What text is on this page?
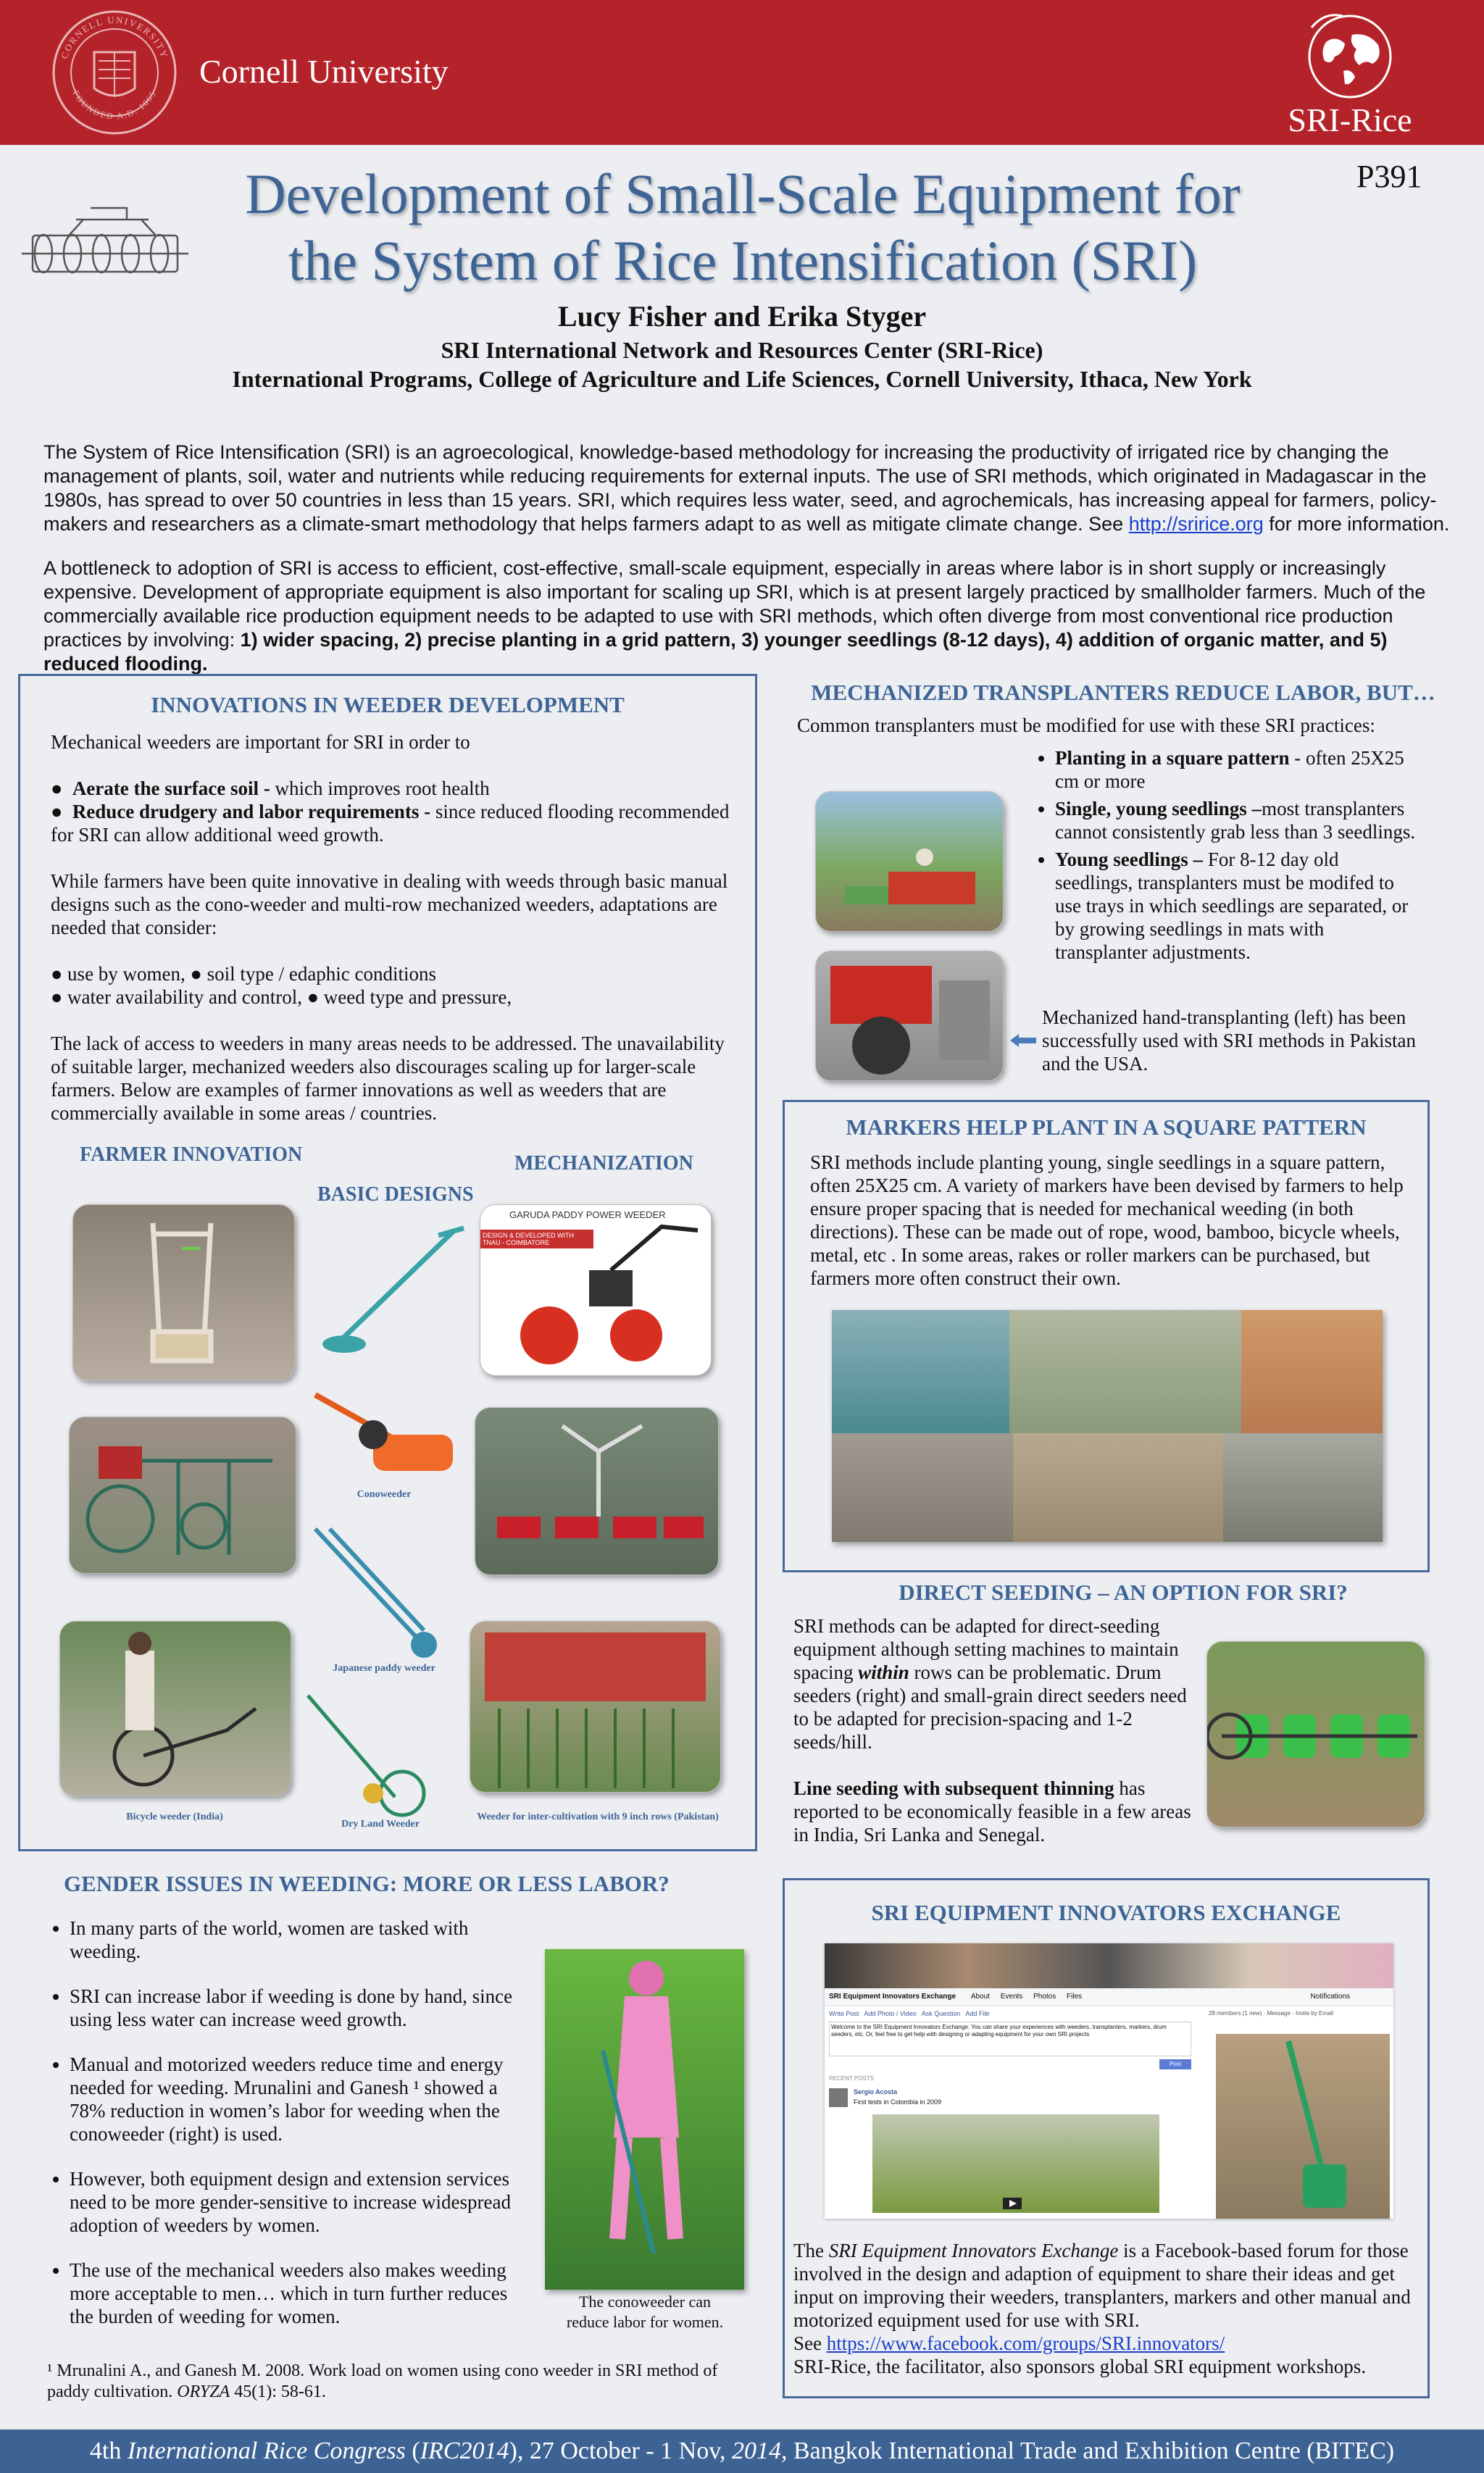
CORNELL UNIVERSITY
FOUNDED A.D. 1865
Cornell University
SRI-Rice
P391
Development of Small-Scale Equipment for
the System of Rice Intensification (SRI)
Lucy Fisher and Erika Styger
SRI International Network and Resources Center (SRI-Rice)
International Programs, College of Agriculture and Life Sciences, Cornell University, Ithaca, New York
The System of Rice Intensification (SRI) is an agroecological, knowledge-based methodology for increasing the productivity of irrigated rice by changing the management of plants, soil, water and nutrients while reducing requirements for external inputs. The use of SRI methods, which originated in Madagascar in the 1980s, has spread to over 50 countries in less than 15 years. SRI, which requires less water, seed, and agrochemicals, has increasing appeal for farmers, policy-makers and researchers as a climate-smart methodology that helps farmers adapt to as well as mitigate climate change. See http://sririce.org for more information.
A bottleneck to adoption of SRI is access to efficient, cost-effective, small-scale equipment, especially in areas where labor is in short supply or increasingly expensive. Development of appropriate equipment is also important for scaling up SRI, which is at present largely practiced by smallholder farmers. Much of the commercially available rice production equipment needs to be adapted to use with SRI methods, which often diverge from most conventional rice production practices by involving: 1) wider spacing, 2) precise planting in a grid pattern, 3) younger seedlings (8-12 days), 4) addition of organic matter, and 5) reduced flooding.
INNOVATIONS IN WEEDER DEVELOPMENT
Mechanical weeders are important for SRI in order to
●  Aerate the surface soil - which improves root health
●  Reduce drudgery and labor requirements - since reduced flooding recommended for SRI can allow additional weed growth.
While farmers have been quite innovative in dealing with weeds through basic manual designs such as the cono-weeder and multi-row mechanized weeders, adaptations are needed that consider:
● use by women, ● soil type / edaphic conditions
● water availability and control, ● weed type and pressure,
The lack of access to weeders in many areas needs to be addressed. The unavailability of suitable larger, mechanized weeders also discourages scaling up for larger-scale farmers. Below are examples of farmer innovations as well as weeders that are commercially available in some areas / countries.
FARMER INNOVATION
BASIC DESIGNS
MECHANIZATION
Bicycle weeder (India)
Conoweeder
Japanese paddy weeder
Dry Land Weeder
GARUDA PADDY POWER WEEDER
DESIGN & DEVELOPED WITH TNAU - COIMBATORE
Weeder for inter-cultivation with 9 inch rows (Pakistan)
MECHANIZED TRANSPLANTERS REDUCE LABOR, BUT…
Common transplanters must be modified for use with these SRI practices:
• Planting in a square pattern - often 25X25 cm or more
• Single, young seedlings –most transplanters cannot consistently grab less than 3 seedlings.
• Young seedlings – For 8-12 day old seedlings, transplanters must be modifed to use trays in which seedlings are separated, or by growing seedlings in mats with transplanter adjustments.
Mechanized hand-transplanting (left) has been successfully used with SRI methods in Pakistan and the USA.
MARKERS HELP PLANT IN A SQUARE PATTERN
SRI methods include planting young, single seedlings in a square pattern, often 25X25 cm. A variety of markers have been devised by farmers to help ensure proper spacing that is needed for mechanical weeding (in both directions). These can be made out of rope, wood, bamboo, bicycle wheels, metal, etc . In some areas, rakes or roller markers can be purchased, but farmers more often construct their own.
DIRECT SEEDING – AN OPTION FOR SRI?
SRI methods can be adapted for direct-seeding equipment although setting machines to maintain spacing within rows can be problematic. Drum seeders (right) and small-grain direct seeders need to be adapted for precision-spacing and 1-2 seeds/hill.
Line seeding with subsequent thinning has reported to be economically feasible in a few areas in India, Sri Lanka and Senegal.
GENDER ISSUES IN WEEDING: MORE OR LESS LABOR?
• In many parts of the world, women are tasked with weeding.
• SRI can increase labor if weeding is done by hand, since using less water can increase weed growth.
• Manual and motorized weeders reduce time and energy needed for weeding. Mrunalini and Ganesh ¹ showed a 78% reduction in women’s labor for weeding when the conoweeder (right) is used.
• However, both equipment design and extension services need to be more gender-sensitive to increase widespread adoption of weeders by women.
• The use of the mechanical weeders also makes weeding more acceptable to men… which in turn further reduces the burden of weeding for women.
The conoweeder can reduce labor for women.
¹ Mrunalini A., and Ganesh M. 2008. Work load on women using cono weeder in SRI method of paddy cultivation. ORYZA 45(1): 58-61.
SRI EQUIPMENT INNOVATORS EXCHANGE
SRI Equipment Innovators Exchange About Events Photos Files	Notifications
Write Post Add Photo / Video Ask Question Add File
Welcome to the SRI Equipment Innovators Exchange. You can share your experiences with weeders, transplanters, markers, drum seeders, etc. Or, feel free to get help with designing or adapting equipment for your own SRI projects
Post
28 members (1 new) · Message · Invite by Email
RECENT POSTS
Sergio Acosta
First tests in Colombia in 2009
The SRI Equipment Innovators Exchange is a Facebook-based forum for those involved in the design and adaption of equipment to share their ideas and get input on improving their weeders, transplanters, markers and other manual and motorized equipment used for use with SRI.
See https://www.facebook.com/groups/SRI.innovators/
SRI-Rice, the facilitator, also sponsors global SRI equipment workshops.
4th International Rice Congress (IRC2014), 27 October - 1 Nov, 2014, Bangkok International Trade and Exhibition Centre (BITEC)
